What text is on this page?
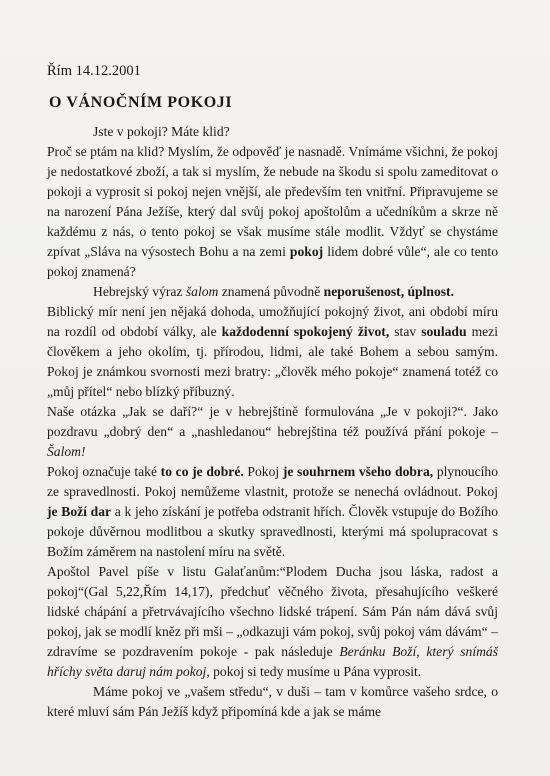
Řím 14.12.2001
O VÁNOČNÍM POKOJI

Jste v pokoji? Máte klid?

Proč se ptám na klid? Myslím, že odpověď je nasnadě. Vnímáme všichni, že pokoj je nedostatkové zboží, a tak si myslím, že nebude na škodu si spolu zameditovat o pokoji a vyprosit si pokoj nejen vnější, ale především ten vnitřní. Připravujeme se na narození Pána Ježíše, který dal svůj pokoj apoštolům a učedníkům a skrze ně každému z nás, o tento pokoj se však musíme stále modlit. Vždyť se chystáme zpívat „Sláva na výsostech Bohu a na zemi pokoj lidem dobré vůle“, ale co tento pokoj znamená?

Hebrejský výraz šalom znamená původně neporušenost, úplnost.

Biblický mír není jen nějaká dohoda, umožňující pokojný život, ani období míru na rozdíl od období války, ale každodenní spokojený život, stav souladu mezi člověkem a jeho okolím, tj. přírodou, lidmi, ale také Bohem a sebou samým. Pokoj je známkou svornosti mezi bratry: „člověk mého pokoje“ znamená totéž co „můj přítel“ nebo blízký příbuzný.

Naše otázka „Jak se daří?“ je v hebrejštině formulována „Je v pokoji?“. Jako pozdravu „dobrý den“ a „nashledanou“ hebrejština též používá přání pokoje – Šalom!

Pokoj označuje také to co je dobré. Pokoj je souhrnem všeho dobra, plynoucího ze spravedlnosti. Pokoj nemůžeme vlastnit, protože se nenechá ovládnout. Pokoj je Boží dar a k jeho získání je potřeba odstranit hřích. Člověk vstupuje do Božího pokoje důvěrnou modlitbou a skutky spravedlnosti, kterými má spolupracovat s Božím záměrem na nastolení míru na světě.

Apoštol Pavel píše v listu Galaťanům:“Plodem Ducha jsou láska, radost a pokoj“(Gal 5,22,Řím 14,17), předchuť věčného života, přesahujícího veškeré lidské chápání a přetrvávajícího všechno lidské trápení. Sám Pán nám dává svůj pokoj, jak se modlí kněz při mši – „odkazuji vám pokoj, svůj pokoj vám dávám“ – zdravíme se pozdravením pokoje - pak následuje Beránku Boží, který snímáš hříchy světa daruj nám pokoj, pokoj si tedy musíme u Pána vyprosit.

Máme pokoj ve „vašem středu“, v duši – tam v komůrce vašeho srdce, o které mluví sám Pán Ježíš když připomíná kde a jak se máme
